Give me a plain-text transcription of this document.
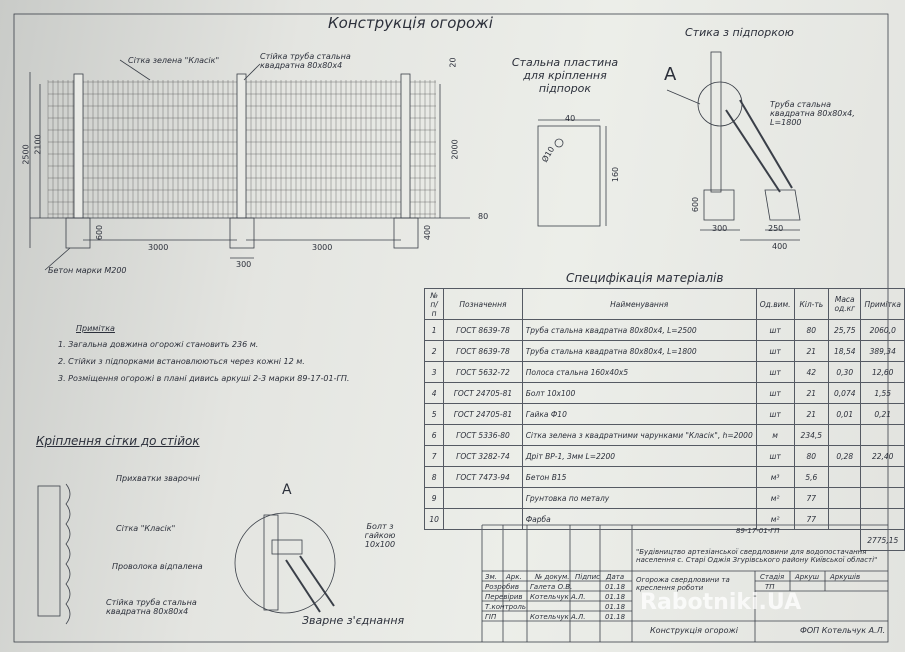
Конструкція огорожі
Стальна пластина для кріплення підпорок
Стика з підпоркою
Специфікація матеріалів
Кріплення сітки до стійок
Сітка зелена "Класік"	Стійка труба стальна квадратна 80х80х4
Бетон марки М200
2500 2100	2000
20
80
600	400
3000
300
3000
40
160
Ø10
А
Труба стальна квадратна 80х80х4, L=1800
600
300	250
400
Примітка
1. Загальна довжина огорожі становить 236 м.
2. Стійки з підпорками встановлюються через кожні 12 м.
3. Розміщення огорожі в плані дивись аркуші 2-3 марки 89-17-01-ГП.
Прихватки зварочні
Сітка "Класік"
Проволока відпалена
Стійка труба стальна квадратна 80х80х4
А
Болт з гайкою 10х100
Зварне з'єднання
№ п/п	Позначення	Найменування	Од.вим.	Кіл-ть	Маса од.кг	Примітка
1	ГОСТ 8639-78	Труба стальна квадратна 80х80х4, L=2500	шт	80	25,75	2060,0
2	ГОСТ 8639-78	Труба стальна квадратна 80х80х4, L=1800	шт	21	18,54	389,34
3	ГОСТ 5632-72	Полоса стальна 160х40х5	шт	42	0,30	12,60
4	ГОСТ 24705-81	Болт 10х100	шт	21	0,074	1,55
5	ГОСТ 24705-81	Гайка Ф10	шт	21	0,01	0,21
6	ГОСТ 5336-80	Сітка зелена з квадратними чарунками "Класік", h=2000	м	234,5		
7	ГОСТ 3282-74	Дріт ВР-1, 3мм L=2200	шт	80	0,28	22,40
8	ГОСТ 7473-94	Бетон В15	м³	5,6		
9		Грунтовка по металу	м²	77		
10		Фарба	м²	77		
						2775,15
89-17-01-ГП
"Будівництво артезіанської свердловини для водопостачання населення с. Старі Оджія Згурівського району Київської області"
Огорожа свердловини та креслення роботи
Стадія Аркуш Аркушів
ТП
Конструкція огорожі	ФОП Котельчук А.Л.
Зм. Арк. № докум. Підпис Дата
Розробив Галета О.В.	01.18
Перевірив Котельчук А.Л.	01.18
Т.контроль	01.18
ГІП	Котельчук А.Л.	01.18
Rabotniki.UA
